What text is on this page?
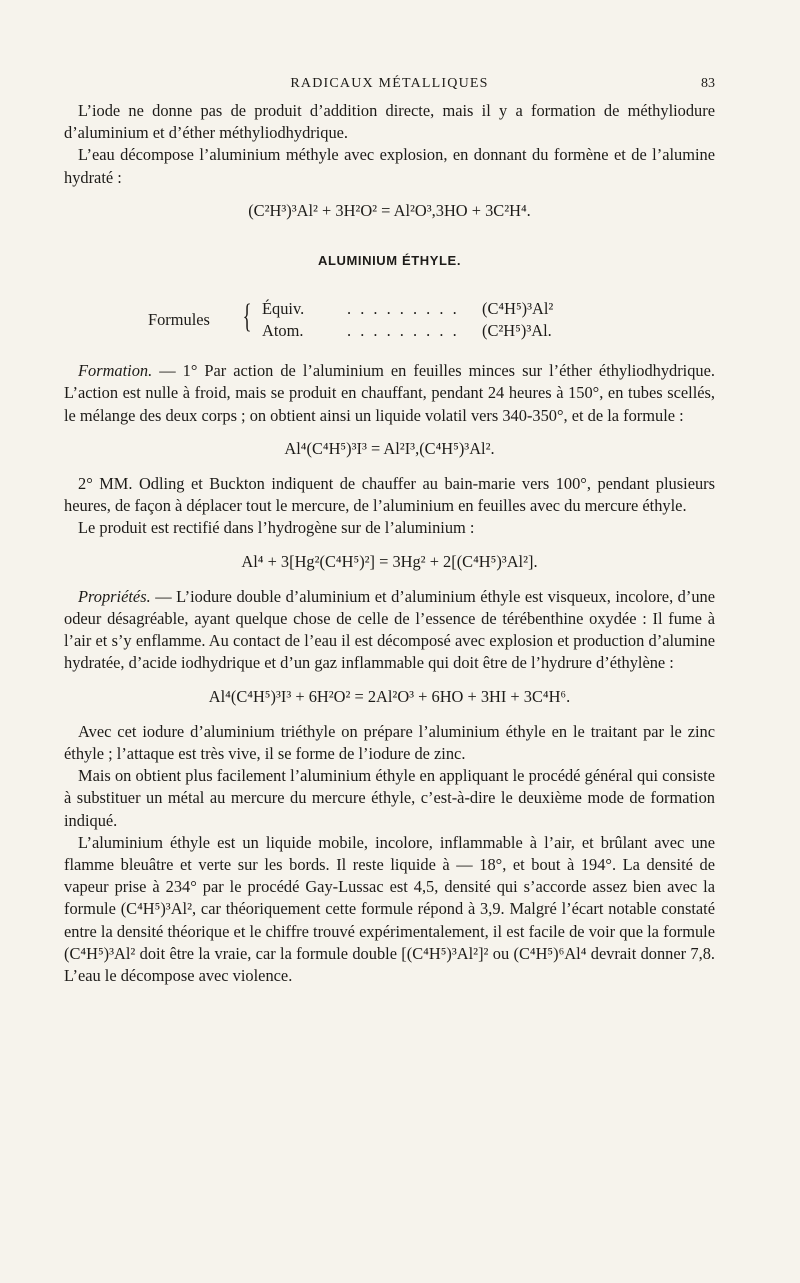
RADICAUX MÉTALLIQUES	83

L’iode ne donne pas de produit d’addition directe, mais il y a formation de méthyliodure d’aluminium et d’éther méthyliodhydrique.

L’eau décompose l’aluminium méthyle avec explosion, en donnant du formène et de l’alumine hydraté :

(C²H³)³Al² + 3H²O² = Al²O³,3HO + 3C²H⁴.
ALUMINIUM ÉTHYLE.
Formules { Équiv.	. . . . . . . . . (C⁴H⁵)³Al²
Atom.	. . . . . . . . . (C²H⁵)³Al.

Formation. — 1° Par action de l’aluminium en feuilles minces sur l’éther éthyliodhydrique. L’action est nulle à froid, mais se produit en chauffant, pendant 24 heures à 150°, en tubes scellés, le mélange des deux corps ; on obtient ainsi un liquide volatil vers 340-350°, et de la formule :

Al⁴(C⁴H⁵)³I³ = Al²I³,(C⁴H⁵)³Al².

2° MM. Odling et Buckton indiquent de chauffer au bain-marie vers 100°, pendant plusieurs heures, de façon à déplacer tout le mercure, de l’aluminium en feuilles avec du mercure éthyle.

Le produit est rectifié dans l’hydrogène sur de l’aluminium :

Al⁴ + 3[Hg²(C⁴H⁵)²] = 3Hg² + 2[(C⁴H⁵)³Al²].

Propriétés. — L’iodure double d’aluminium et d’aluminium éthyle est visqueux, incolore, d’une odeur désagréable, ayant quelque chose de celle de l’essence de térébenthine oxydée : Il fume à l’air et s’y enflamme. Au contact de l’eau il est décomposé avec explosion et production d’alumine hydratée, d’acide iodhydrique et d’un gaz inflammable qui doit être de l’hydrure d’éthylène :

Al⁴(C⁴H⁵)³I³ + 6H²O² = 2Al²O³ + 6HO + 3HI + 3C⁴H⁶.

Avec cet iodure d’aluminium triéthyle on prépare l’aluminium éthyle en le traitant par le zinc éthyle ; l’attaque est très vive, il se forme de l’iodure de zinc.

Mais on obtient plus facilement l’aluminium éthyle en appliquant le procédé général qui consiste à substituer un métal au mercure du mercure éthyle, c’est-à-dire le deuxième mode de formation indiqué.

L’aluminium éthyle est un liquide mobile, incolore, inflammable à l’air, et brûlant avec une flamme bleuâtre et verte sur les bords. Il reste liquide à — 18°, et bout à 194°. La densité de vapeur prise à 234° par le procédé Gay-Lussac est 4,5, densité qui s’accorde assez bien avec la formule (C⁴H⁵)³Al², car théoriquement cette formule répond à 3,9. Malgré l’écart notable constaté entre la densité théorique et le chiffre trouvé expérimentalement, il est facile de voir que la formule (C⁴H⁵)³Al² doit être la vraie, car la formule double [(C⁴H⁵)³Al²]² ou (C⁴H⁵)⁶Al⁴ devrait donner 7,8. L’eau le décompose avec violence.
